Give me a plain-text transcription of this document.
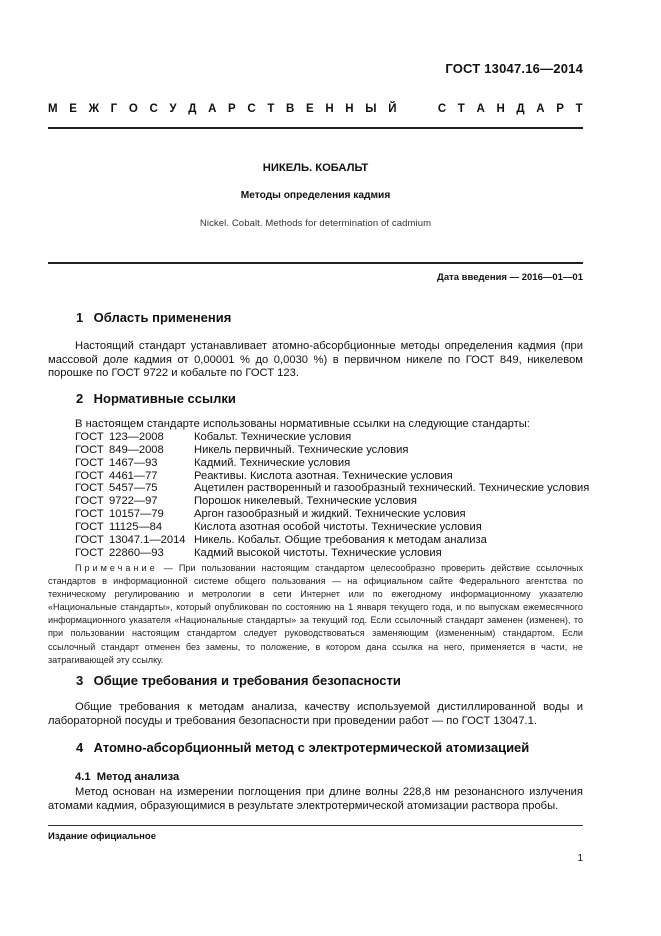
ГОСТ 13047.16—2014
М Е Ж Г О С У Д А Р С Т В Е Н Н Ы Й

	С Т А Н Д А Р Т
НИКЕЛЬ. КОБАЛЬТ
Методы определения кадмия
Nickel. Cobalt. Methods for determination of cadmium
Дата введения — 2016—01—01
1 Область применения
Настоящий стандарт устанавливает атомно-абсорбционные методы определения кадмия (при массовой доле кадмия от 0,00001 % до 0,0030 %) в первичном никеле по ГОСТ 849, никелевом порошке по ГОСТ 9722 и кобальте по ГОСТ 123.
2 Нормативные ссылки
В настоящем стандарте использованы нормативные ссылки на следующие стандарты:
ГОСТ 123—2008	Кобальт. Технические условия
ГОСТ 849—2008	Никель первичный. Технические условия
ГОСТ 1467—93	Кадмий. Технические условия
ГОСТ 4461—77	Реактивы. Кислота азотная. Технические условия
ГОСТ 5457—75	Ацетилен растворенный и газообразный технический. Технические условия
ГОСТ 9722—97	Порошок никелевый. Технические условия
ГОСТ 10157—79	Аргон газообразный и жидкий. Технические условия
ГОСТ 11125—84	Кислота азотная особой чистоты. Технические условия
ГОСТ 13047.1—2014 Никель. Кобальт. Общие требования к методам анализа
ГОСТ 22860—93	Кадмий высокой чистоты. Технические условия
Примечание — При пользовании настоящим стандартом целесообразно проверить действие ссылочных стандартов в информационной системе общего пользования — на официальном сайте Федерального агентства по техническому регулированию и метрологии в сети Интернет или по ежегодному информационному указателю «Национальные стандарты», который опубликован по состоянию на 1 января текущего года, и по выпускам ежемесячного информационного указателя «Национальные стандарты» за текущий год. Если ссылочный стандарт заменен (изменен), то при пользовании настоящим стандартом следует руководствоваться заменяющим (измененным) стандартом. Если ссылочный стандарт отменен без замены, то положение, в котором дана ссылка на него, применяется в части, не затрагивающей эту ссылку.
3 Общие требования и требования безопасности
Общие требования к методам анализа, качеству используемой дистиллированной воды и лабораторной посуды и требования безопасности при проведении работ — по ГОСТ 13047.1.
4 Атомно-абсорбционный метод с электротермической атомизацией
4.1 Метод анализа
Метод основан на измерении поглощения при длине волны 228,8 нм резонансного излучения атомами кадмия, образующимися в результате электротермической атомизации раствора пробы.
Издание официальное
1
